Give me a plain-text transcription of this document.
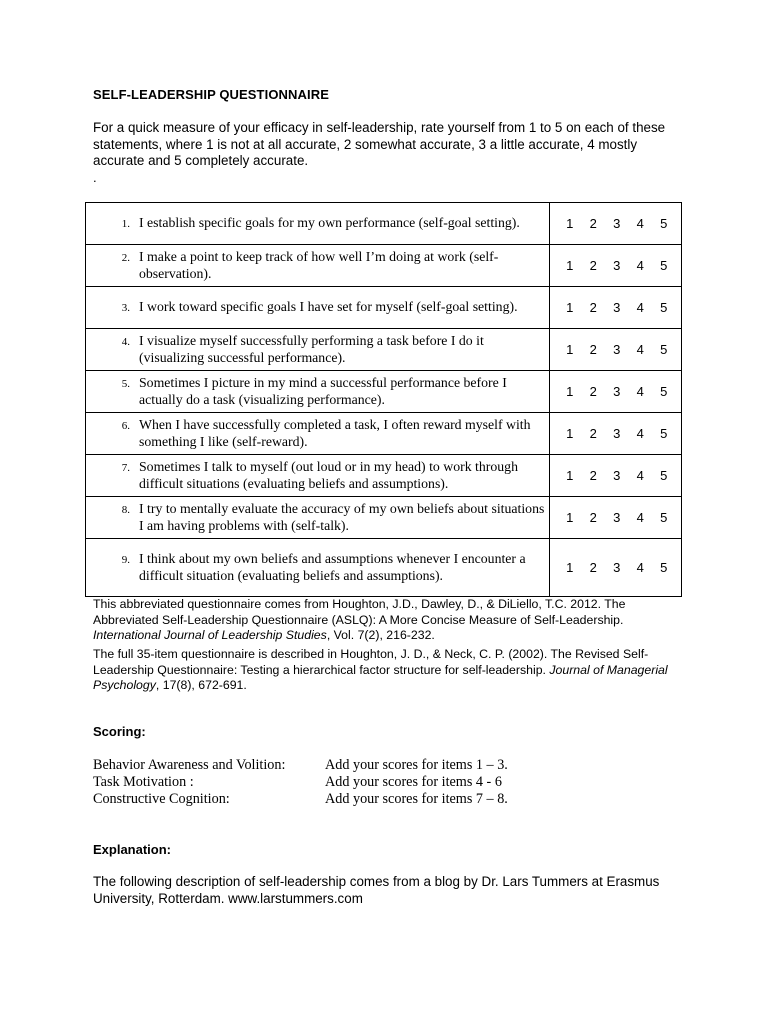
SELF-LEADERSHIP QUESTIONNAIRE
For a quick measure of your efficacy in self-leadership, rate yourself from 1 to 5 on each of these statements, where 1 is not at all accurate, 2 somewhat accurate, 3 a little accurate, 4 mostly accurate and 5 completely accurate.
.
1. I establish specific goals for my own performance (self-goal setting).	1 2 3 4 5

2. I make a point to keep track of how well I’m doing at work (self-observation).	1 2 3 4 5

3. I work toward specific goals I have set for myself (self-goal setting).	1 2 3 4 5

4. I visualize myself successfully performing a task before I do it (visualizing successful performance).	1 2 3 4 5

5. Sometimes I picture in my mind a successful performance before I actually do a task (visualizing performance).	1 2 3 4 5

6. When I have successfully completed a task, I often reward myself with something I like (self-reward).	1 2 3 4 5

7. Sometimes I talk to myself (out loud or in my head) to work through difficult situations (evaluating beliefs and assumptions).	1 2 3 4 5

8. I try to mentally evaluate the accuracy of my own beliefs about situations I am having problems with (self-talk).	1 2 3 4 5

9. I think about my own beliefs and assumptions whenever I encounter a difficult situation (evaluating beliefs and assumptions).	1 2 3 4 5
This abbreviated questionnaire comes from Houghton, J.D., Dawley, D., & DiLiello, T.C. 2012. The Abbreviated Self-Leadership Questionnaire (ASLQ): A More Concise Measure of Self-Leadership. International Journal of Leadership Studies, Vol. 7(2), 216-232.
The full 35-item questionnaire is described in Houghton, J. D., & Neck, C. P. (2002). The Revised Self-Leadership Questionnaire: Testing a hierarchical factor structure for self-leadership. Journal of Managerial Psychology, 17(8), 672-691.
Scoring:
Behavior Awareness and Volition:	Add your scores for items 1 – 3.
Task Motivation :	Add your scores for items 4 - 6
Constructive Cognition:	Add your scores for items 7 – 8.
Explanation:
The following description of self-leadership comes from a blog by Dr. Lars Tummers at Erasmus University, Rotterdam. www.larstummers.com
